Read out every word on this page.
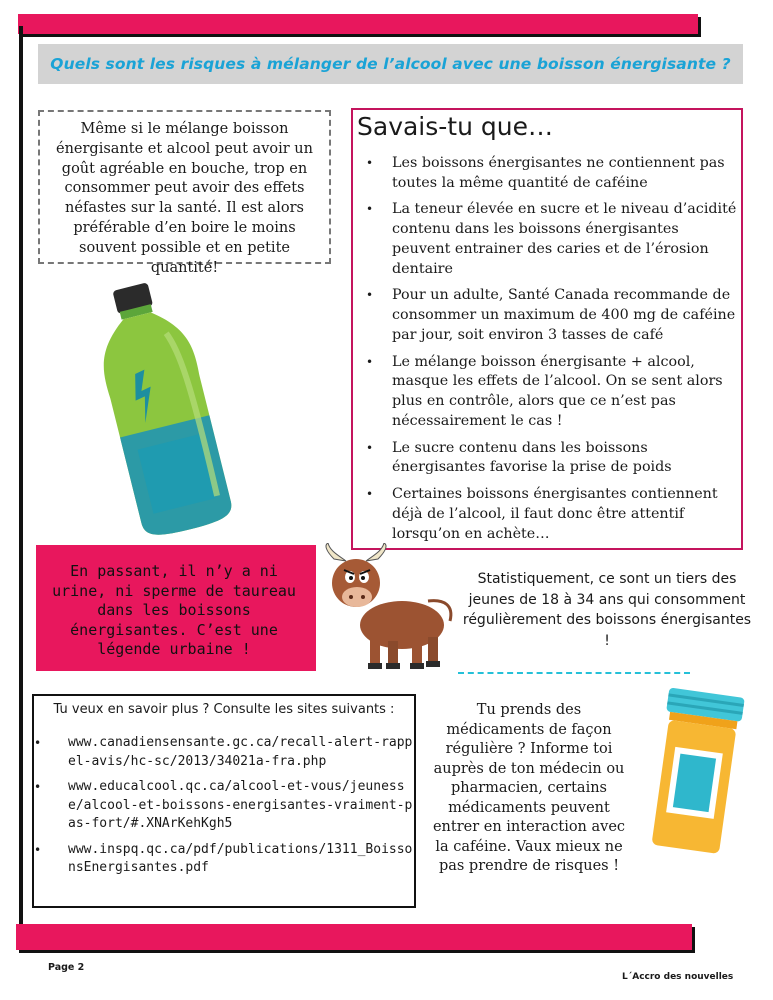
Quels sont les risques à mélanger de l’alcool avec une boisson énergisante ?
Même si le mélange boisson énergisante et alcool peut avoir un goût agréable en bouche, trop en consommer peut avoir des effets néfastes sur la santé. Il est alors préférable d’en boire le moins souvent possible et en petite quantité!
Savais-tu que…
• Les boissons énergisantes ne contiennent pas toutes la même quantité de caféine
• La teneur élevée en sucre et le niveau d’acidité contenu dans les boissons énergisantes peuvent entrainer des caries et de l’érosion dentaire
• Pour un adulte, Santé Canada recommande de consommer un maximum de 400 mg de caféine par jour, soit environ 3 tasses de café
• Le mélange boisson énergisante + alcool, masque les effets de l’alcool. On se sent alors plus en contrôle, alors que ce n’est pas nécessairement le cas !
• Le sucre contenu dans les boissons énergisantes favorise la prise de poids
• Certaines boissons énergisantes contiennent déjà de l’alcool, il faut donc être attentif lorsqu’on en achète…
En passant, il n’y a ni urine, ni sperme de taureau dans les boissons énergisantes. C’est une légende urbaine !
Statistiquement, ce sont un tiers des jeunes de 18 à 34 ans qui consomment régulièrement des boissons énergisantes !
Tu veux en savoir plus ? Consulte les sites suivants :
• www.canadiensensante.gc.ca/recall-alert-rappel-avis/hc-sc/2013/34021a-fra.php
• www.educalcool.qc.ca/alcool-et-vous/jeunesse/alcool-et-boissons-energisantes-vraiment-pas-fort/#.XNArKehKgh5
• www.inspq.qc.ca/pdf/publications/1311_BoissonsEnergisantes.pdf
Tu prends des médicaments de façon régulière ? Informe toi auprès de ton médecin ou pharmacien, certains médicaments peuvent entrer en interaction avec la caféine. Vaux mieux ne pas prendre de risques !
Page 2
L´Accro des nouvelles
